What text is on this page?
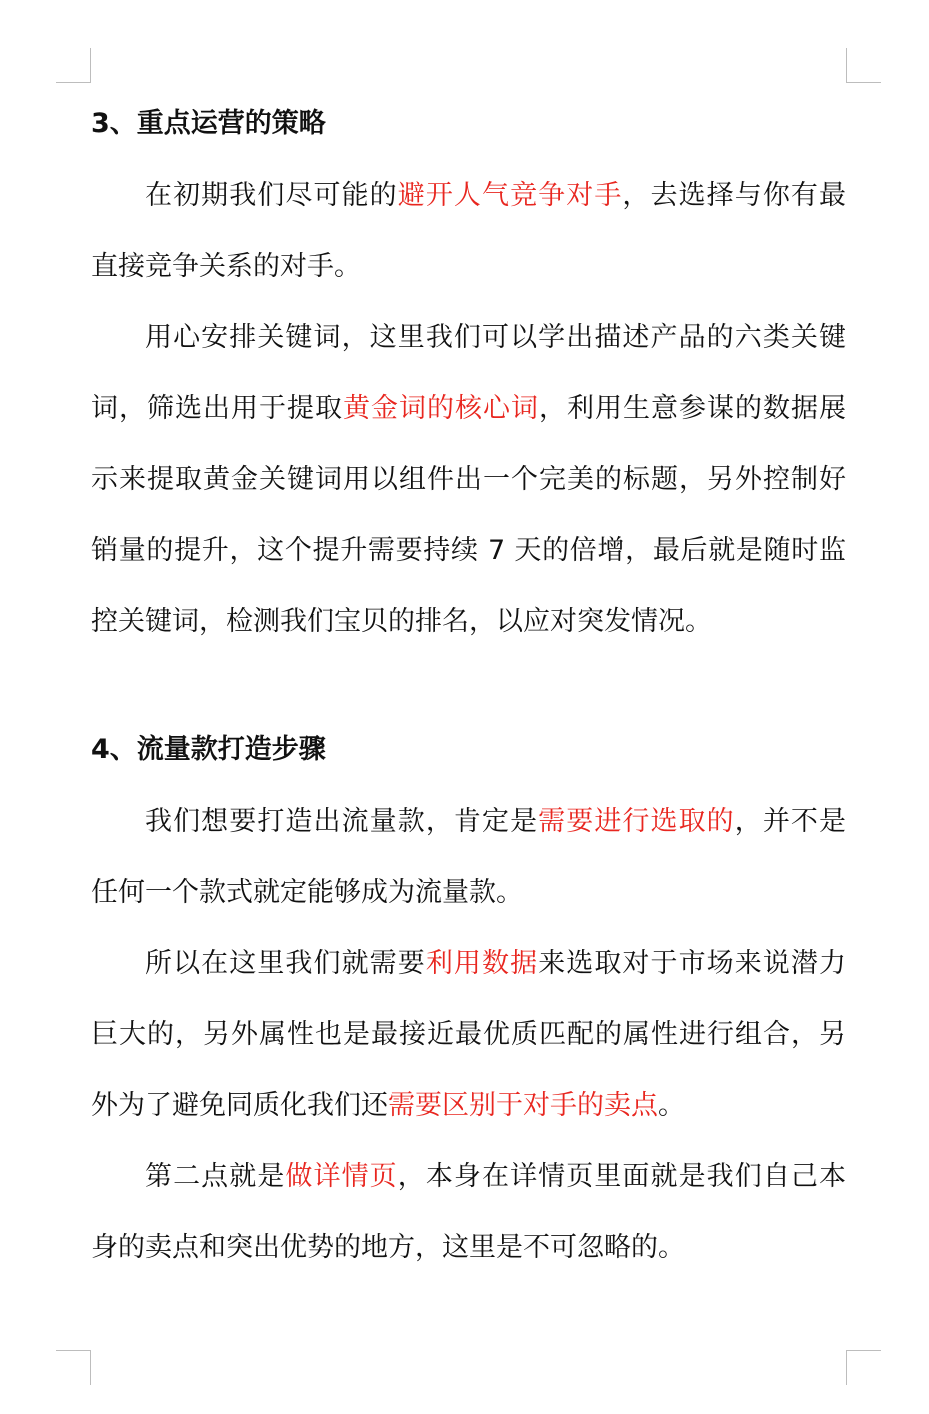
3、重点运营的策略

在初期我们尽可能的避开人气竞争对手，去选择与你有最直接竞争关系的对手。

用心安排关键词，这里我们可以学出描述产品的六类关键词，筛选出用于提取黄金词的核心词，利用生意参谋的数据展示来提取黄金关键词用以组件出一个完美的标题，另外控制好销量的提升，这个提升需要持续 7 天的倍增，最后就是随时监控关键词，检测我们宝贝的排名，以应对突发情况。

4、流量款打造步骤

我们想要打造出流量款，肯定是需要进行选取的，并不是任何一个款式就定能够成为流量款。

所以在这里我们就需要利用数据来选取对于市场来说潜力巨大的，另外属性也是最接近最优质匹配的属性进行组合，另外为了避免同质化我们还需要区别于对手的卖点。

第二点就是做详情页，本身在详情页里面就是我们自己本身的卖点和突出优势的地方，这里是不可忽略的。
